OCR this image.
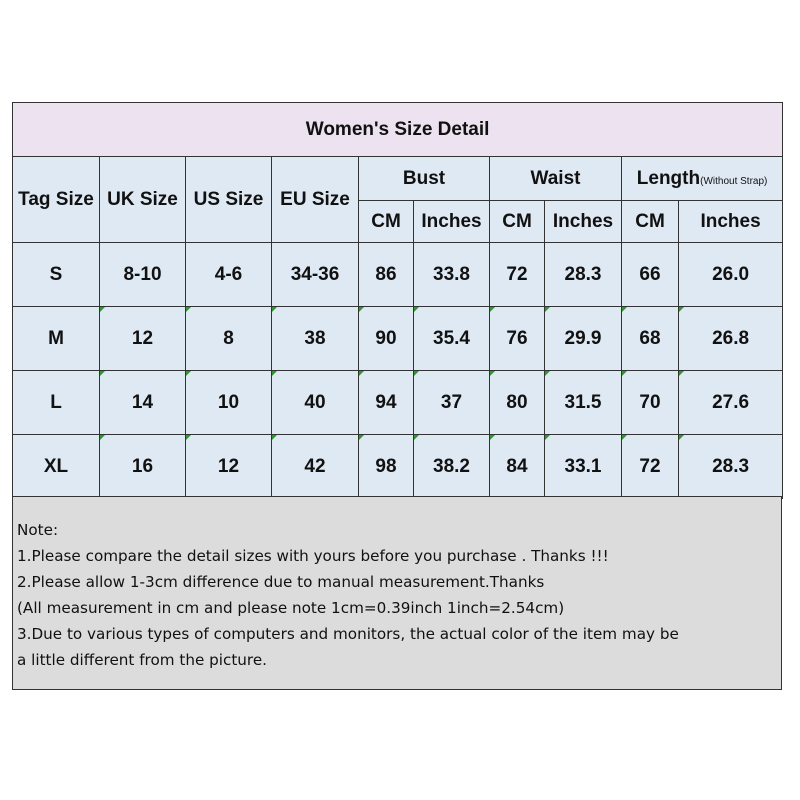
Women's Size Detail									
Tag Size	UK Size	US Size	EU Size	Bust		Waist		Length(Without Strap)	
				CM	Inches	CM	Inches	CM	Inches
S	8-10	4-6	34-36	86	33.8	72	28.3	66	26.0
M	12	8	38	90	35.4	76	29.9	68	26.8

L	14	10	40	94	37	80	31.5	70	27.6

XL	16	12	42	98	38.2	84	33.1	72	28.3
Note:
1.Please compare the detail sizes with yours before you purchase . Thanks !!!
2.Please allow 1-3cm difference due to manual measurement.Thanks
(All measurement in cm and please note 1cm=0.39inch 1inch=2.54cm)
3.Due to various types of computers and monitors, the actual color of the item may be
a little different from the picture.
